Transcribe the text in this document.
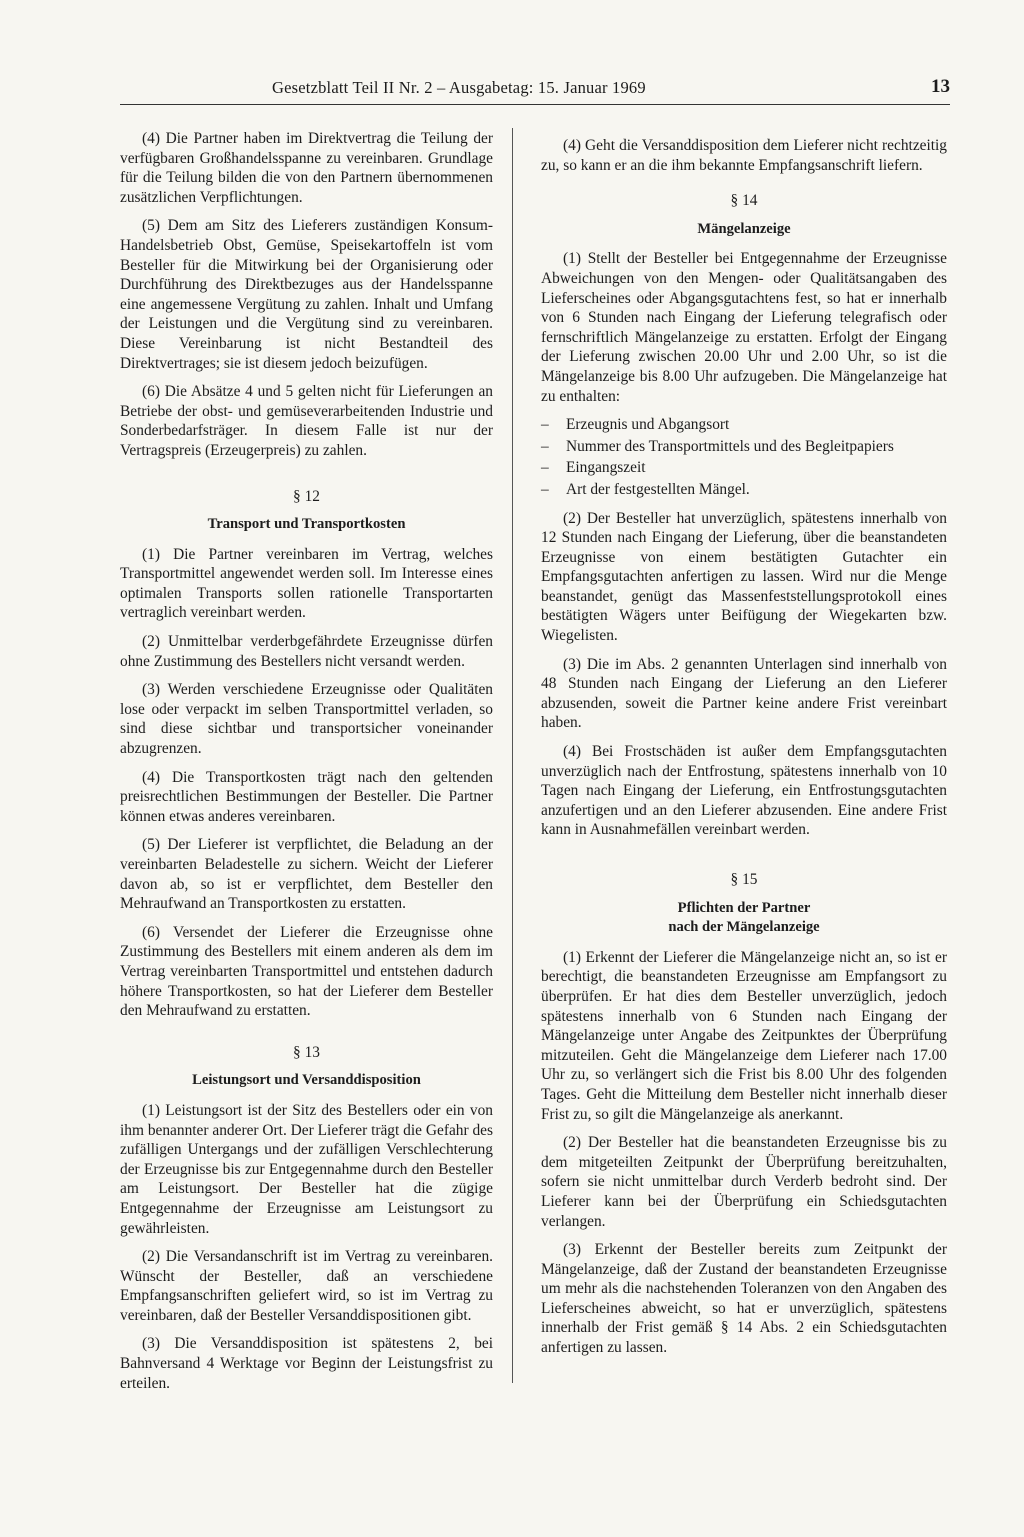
Gesetzblatt Teil II Nr. 2 – Ausgabetag: 15. Januar 1969	13

(4) Die Partner haben im Direktvertrag die Teilung der verfügbaren Großhandelsspanne zu vereinbaren. Grundlage für die Teilung bilden die von den Partnern übernommenen zusätzlichen Verpflichtungen.

(5) Dem am Sitz des Lieferers zuständigen Konsum-Handelsbetrieb Obst, Gemüse, Speisekartoffeln ist vom Besteller für die Mitwirkung bei der Organisierung oder Durchführung des Direktbezuges aus der Handelsspanne eine angemessene Vergütung zu zahlen. Inhalt und Umfang der Leistungen und die Vergütung sind zu vereinbaren. Diese Vereinbarung ist nicht Bestandteil des Direktvertrages; sie ist diesem jedoch beizufügen.

(6) Die Absätze 4 und 5 gelten nicht für Lieferungen an Betriebe der obst- und gemüseverarbeitenden Industrie und Sonderbedarfsträger. In diesem Falle ist nur der Vertragspreis (Erzeugerpreis) zu zahlen.

§ 12

Transport und Transportkosten

(1) Die Partner vereinbaren im Vertrag, welches Transportmittel angewendet werden soll. Im Interesse eines optimalen Transports sollen rationelle Transportarten vertraglich vereinbart werden.

(2) Unmittelbar verderbgefährdete Erzeugnisse dürfen ohne Zustimmung des Bestellers nicht versandt werden.

(3) Werden verschiedene Erzeugnisse oder Qualitäten lose oder verpackt im selben Transportmittel verladen, so sind diese sichtbar und transportsicher voneinander abzugrenzen.

(4) Die Transportkosten trägt nach den geltenden preisrechtlichen Bestimmungen der Besteller. Die Partner können etwas anderes vereinbaren.

(5) Der Lieferer ist verpflichtet, die Beladung an der vereinbarten Beladestelle zu sichern. Weicht der Lieferer davon ab, so ist er verpflichtet, dem Besteller den Mehraufwand an Transportkosten zu erstatten.

(6) Versendet der Lieferer die Erzeugnisse ohne Zustimmung des Bestellers mit einem anderen als dem im Vertrag vereinbarten Transportmittel und entstehen dadurch höhere Transportkosten, so hat der Lieferer dem Besteller den Mehraufwand zu erstatten.

§ 13

Leistungsort und Versanddisposition

(1) Leistungsort ist der Sitz des Bestellers oder ein von ihm benannter anderer Ort. Der Lieferer trägt die Gefahr des zufälligen Untergangs und der zufälligen Verschlechterung der Erzeugnisse bis zur Entgegennahme durch den Besteller am Leistungsort. Der Besteller hat die zügige Entgegennahme der Erzeugnisse am Leistungsort zu gewährleisten.

(2) Die Versandanschrift ist im Vertrag zu vereinbaren. Wünscht der Besteller, daß an verschiedene Empfangsanschriften geliefert wird, so ist im Vertrag zu vereinbaren, daß der Besteller Versanddispositionen gibt.

(3) Die Versanddisposition ist spätestens 2, bei Bahnversand 4 Werktage vor Beginn der Leistungsfrist zu erteilen.

(4) Geht die Versanddisposition dem Lieferer nicht rechtzeitig zu, so kann er an die ihm bekannte Empfangsanschrift liefern.

§ 14

Mängelanzeige

(1) Stellt der Besteller bei Entgegennahme der Erzeugnisse Abweichungen von den Mengen- oder Qualitätsangaben des Lieferscheines oder Abgangsgutachtens fest, so hat er innerhalb von 6 Stunden nach Eingang der Lieferung telegrafisch oder fernschriftlich Mängelanzeige zu erstatten. Erfolgt der Eingang der Lieferung zwischen 20.00 Uhr und 2.00 Uhr, so ist die Mängelanzeige bis 8.00 Uhr aufzugeben. Die Mängelanzeige hat zu enthalten:

– Erzeugnis und Abgangsort
– Nummer des Transportmittels und des Begleitpapiers
– Eingangszeit
– Art der festgestellten Mängel.

(2) Der Besteller hat unverzüglich, spätestens innerhalb von 12 Stunden nach Eingang der Lieferung, über die beanstandeten Erzeugnisse von einem bestätigten Gutachter ein Empfangsgutachten anfertigen zu lassen. Wird nur die Menge beanstandet, genügt das Massenfeststellungsprotokoll eines bestätigten Wägers unter Beifügung der Wiegekarten bzw. Wiegelisten.

(3) Die im Abs. 2 genannten Unterlagen sind innerhalb von 48 Stunden nach Eingang der Lieferung an den Lieferer abzusenden, soweit die Partner keine andere Frist vereinbart haben.

(4) Bei Frostschäden ist außer dem Empfangsgutachten unverzüglich nach der Entfrostung, spätestens innerhalb von 10 Tagen nach Eingang der Lieferung, ein Entfrostungsgutachten anzufertigen und an den Lieferer abzusenden. Eine andere Frist kann in Ausnahmefällen vereinbart werden.

§ 15

Pflichten der Partner

nach der Mängelanzeige

(1) Erkennt der Lieferer die Mängelanzeige nicht an, so ist er berechtigt, die beanstandeten Erzeugnisse am Empfangsort zu überprüfen. Er hat dies dem Besteller unverzüglich, jedoch spätestens innerhalb von 6 Stunden nach Eingang der Mängelanzeige unter Angabe des Zeitpunktes der Überprüfung mitzuteilen. Geht die Mängelanzeige dem Lieferer nach 17.00 Uhr zu, so verlängert sich die Frist bis 8.00 Uhr des folgenden Tages. Geht die Mitteilung dem Besteller nicht innerhalb dieser Frist zu, so gilt die Mängelanzeige als anerkannt.

(2) Der Besteller hat die beanstandeten Erzeugnisse bis zu dem mitgeteilten Zeitpunkt der Überprüfung bereitzuhalten, sofern sie nicht unmittelbar durch Verderb bedroht sind. Der Lieferer kann bei der Überprüfung ein Schiedsgutachten verlangen.

(3) Erkennt der Besteller bereits zum Zeitpunkt der Mängelanzeige, daß der Zustand der beanstandeten Erzeugnisse um mehr als die nachstehenden Toleranzen von den Angaben des Lieferscheines abweicht, so hat er unverzüglich, spätestens innerhalb der Frist gemäß § 14 Abs. 2 ein Schiedsgutachten anfertigen zu lassen.
